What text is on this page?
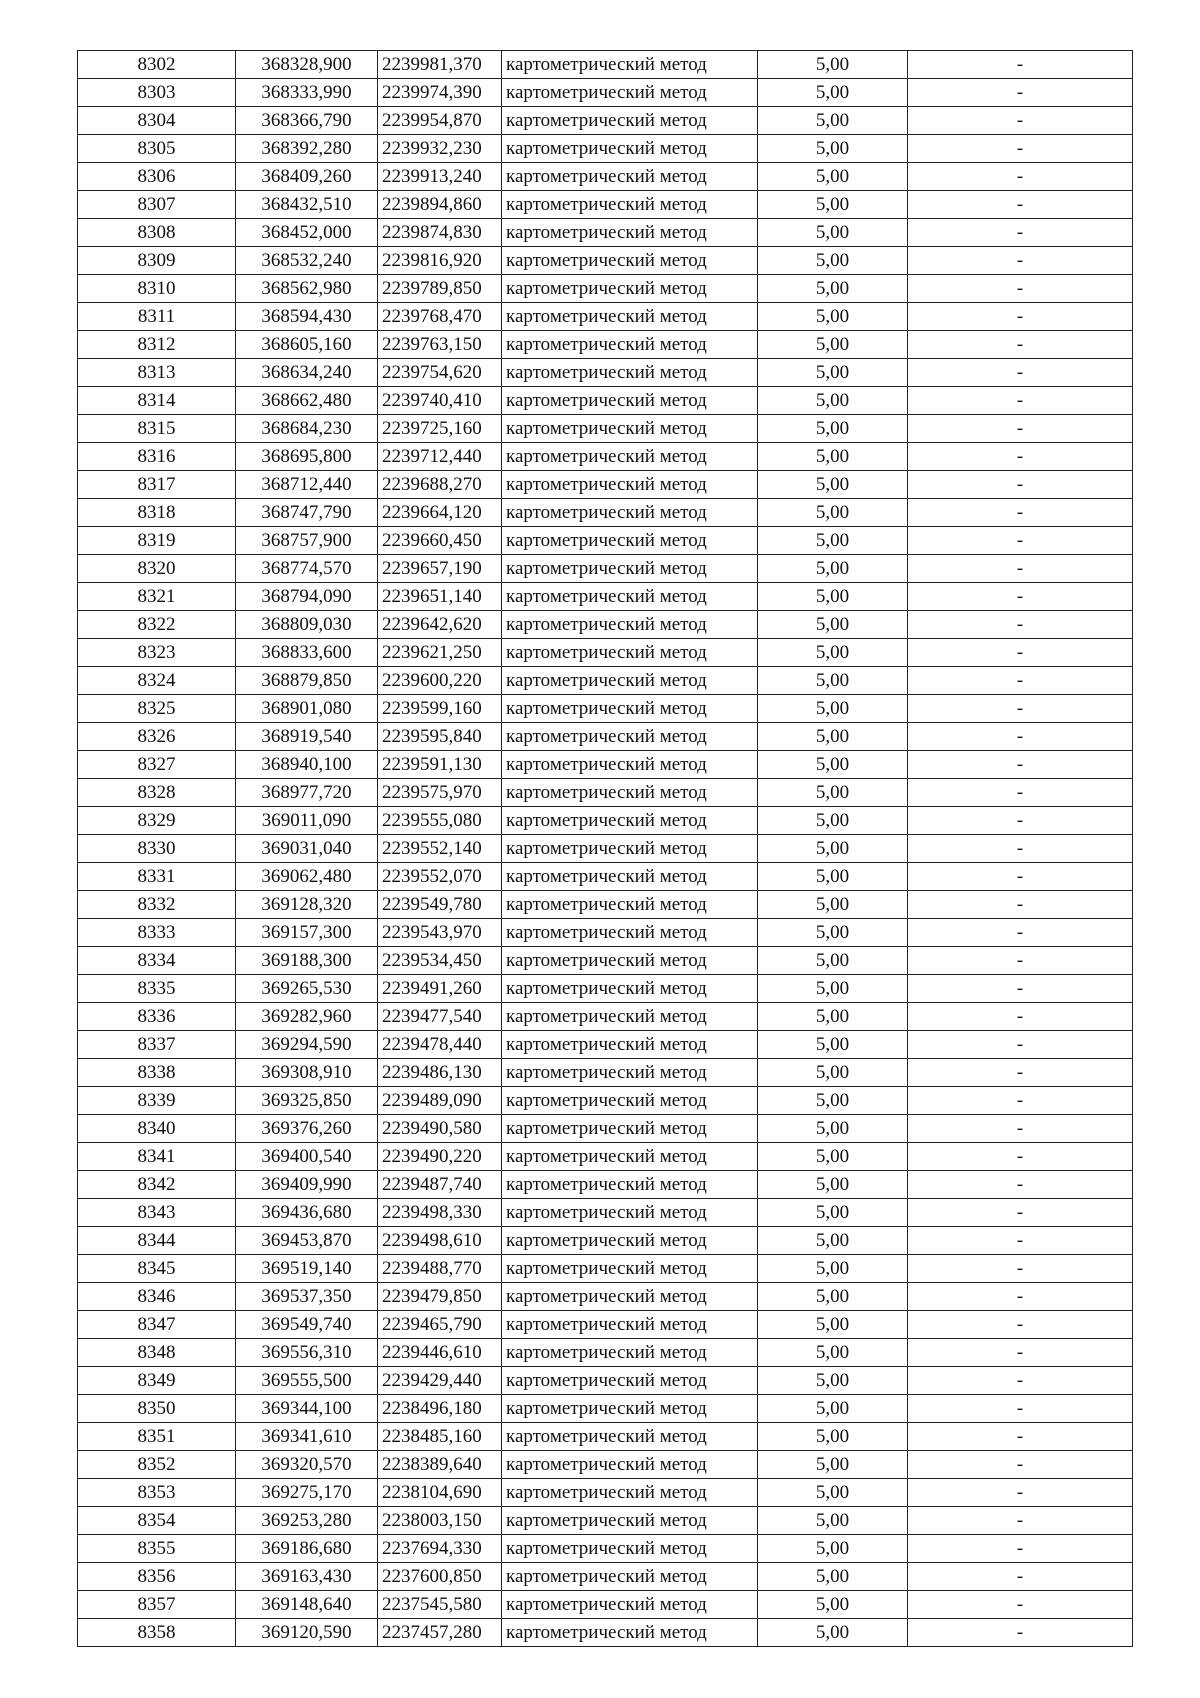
8302	368328,900	2239981,370	картометрический метод	5,00	-
8303	368333,990	2239974,390	картометрический метод	5,00	-
8304	368366,790	2239954,870	картометрический метод	5,00	-
8305	368392,280	2239932,230	картометрический метод	5,00	-
8306	368409,260	2239913,240	картометрический метод	5,00	-
8307	368432,510	2239894,860	картометрический метод	5,00	-
8308	368452,000	2239874,830	картометрический метод	5,00	-
8309	368532,240	2239816,920	картометрический метод	5,00	-
8310	368562,980	2239789,850	картометрический метод	5,00	-
8311	368594,430	2239768,470	картометрический метод	5,00	-
8312	368605,160	2239763,150	картометрический метод	5,00	-
8313	368634,240	2239754,620	картометрический метод	5,00	-
8314	368662,480	2239740,410	картометрический метод	5,00	-
8315	368684,230	2239725,160	картометрический метод	5,00	-
8316	368695,800	2239712,440	картометрический метод	5,00	-
8317	368712,440	2239688,270	картометрический метод	5,00	-
8318	368747,790	2239664,120	картометрический метод	5,00	-
8319	368757,900	2239660,450	картометрический метод	5,00	-
8320	368774,570	2239657,190	картометрический метод	5,00	-
8321	368794,090	2239651,140	картометрический метод	5,00	-
8322	368809,030	2239642,620	картометрический метод	5,00	-
8323	368833,600	2239621,250	картометрический метод	5,00	-
8324	368879,850	2239600,220	картометрический метод	5,00	-
8325	368901,080	2239599,160	картометрический метод	5,00	-
8326	368919,540	2239595,840	картометрический метод	5,00	-
8327	368940,100	2239591,130	картометрический метод	5,00	-
8328	368977,720	2239575,970	картометрический метод	5,00	-
8329	369011,090	2239555,080	картометрический метод	5,00	-
8330	369031,040	2239552,140	картометрический метод	5,00	-
8331	369062,480	2239552,070	картометрический метод	5,00	-
8332	369128,320	2239549,780	картометрический метод	5,00	-
8333	369157,300	2239543,970	картометрический метод	5,00	-
8334	369188,300	2239534,450	картометрический метод	5,00	-
8335	369265,530	2239491,260	картометрический метод	5,00	-
8336	369282,960	2239477,540	картометрический метод	5,00	-
8337	369294,590	2239478,440	картометрический метод	5,00	-
8338	369308,910	2239486,130	картометрический метод	5,00	-
8339	369325,850	2239489,090	картометрический метод	5,00	-
8340	369376,260	2239490,580	картометрический метод	5,00	-
8341	369400,540	2239490,220	картометрический метод	5,00	-
8342	369409,990	2239487,740	картометрический метод	5,00	-
8343	369436,680	2239498,330	картометрический метод	5,00	-
8344	369453,870	2239498,610	картометрический метод	5,00	-
8345	369519,140	2239488,770	картометрический метод	5,00	-
8346	369537,350	2239479,850	картометрический метод	5,00	-
8347	369549,740	2239465,790	картометрический метод	5,00	-
8348	369556,310	2239446,610	картометрический метод	5,00	-
8349	369555,500	2239429,440	картометрический метод	5,00	-
8350	369344,100	2238496,180	картометрический метод	5,00	-
8351	369341,610	2238485,160	картометрический метод	5,00	-
8352	369320,570	2238389,640	картометрический метод	5,00	-
8353	369275,170	2238104,690	картометрический метод	5,00	-
8354	369253,280	2238003,150	картометрический метод	5,00	-
8355	369186,680	2237694,330	картометрический метод	5,00	-
8356	369163,430	2237600,850	картометрический метод	5,00	-
8357	369148,640	2237545,580	картометрический метод	5,00	-
8358	369120,590	2237457,280	картометрический метод	5,00	-
